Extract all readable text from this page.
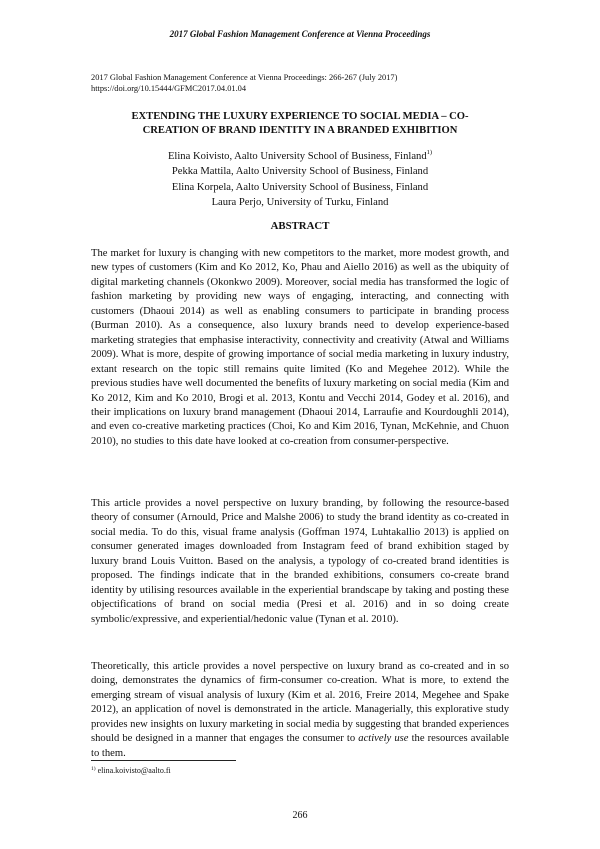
2017 Global Fashion Management Conference at Vienna Proceedings
2017 Global Fashion Management Conference at Vienna Proceedings: 266-267 (July 2017)
https://doi.org/10.15444/GFMC2017.04.01.04
EXTENDING THE LUXURY EXPERIENCE TO SOCIAL MEDIA – CO-
CREATION OF BRAND IDENTITY IN A BRANDED EXHIBITION
Elina Koivisto, Aalto University School of Business, Finland$^{1)}$
Pekka Mattila, Aalto University School of Business, Finland
Elina Korpela, Aalto University School of Business, Finland
Laura Perjo, University of Turku, Finland
ABSTRACT

The market for luxury is changing with new competitors to the market, more modest growth, and new types of customers (Kim and Ko 2012, Ko, Phau and Aiello 2016) as well as the ubiquity of digital marketing channels (Okonkwo 2009). Moreover, social media has transformed the logic of fashion marketing by providing new ways of engaging, interacting, and connecting with customers (Dhaoui 2014) as well as enabling consumers to participate in branding process (Burman 2010). As a consequence, also luxury brands need to develop experience-based marketing strategies that emphasise interactivity, connectivity and creativity (Atwal and Williams 2009). What is more, despite of growing importance of social media marketing in luxury industry, extant research on the topic still remains quite limited (Ko and Megehee 2012). While the previous studies have well documented the benefits of luxury marketing on social media (Kim and Ko 2012, Kim and Ko 2010, Brogi et al. 2013, Kontu and Vecchi 2014, Godey et al. 2016), and their implications on luxury brand management (Dhaoui 2014, Larraufie and Kourdoughli 2014), and even co-creative marketing practices (Choi, Ko and Kim 2016, Tynan, McKehnie, and Chuon 2010), no studies to this date have looked at co-creation from consumer-perspective.

This article provides a novel perspective on luxury branding, by following the resource-based theory of consumer (Arnould, Price and Malshe 2006) to study the brand identity as co-created in social media. To do this, visual frame analysis (Goffman 1974, Luhtakallio 2013) is applied on consumer generated images downloaded from Instagram feed of brand exhibition staged by luxury brand Louis Vuitton. Based on the analysis, a typology of co-created brand identities is proposed. The findings indicate that in the branded exhibitions, consumers co-create brand identity by utilising resources available in the experiential brandscape by taking and posting these objectifications of brand on social media (Presi et al. 2016) and in so doing create symbolic/expressive, and experiential/hedonic value (Tynan et al. 2010).

Theoretically, this article provides a novel perspective on luxury brand as co-created and in so doing, demonstrates the dynamics of firm-consumer co-creation. What is more, to extend the emerging stream of visual analysis of luxury (Kim et al. 2016, Freire 2014, Megehee and Spake 2012), an application of novel is demonstrated in the article. Managerially, this explorative study provides new insights on luxury marketing in social media by suggesting that branded experiences should be designed in a manner that engages the consumer to actively use the resources available to them.

$^{1)}$ elina.koivisto@aalto.fi
266
